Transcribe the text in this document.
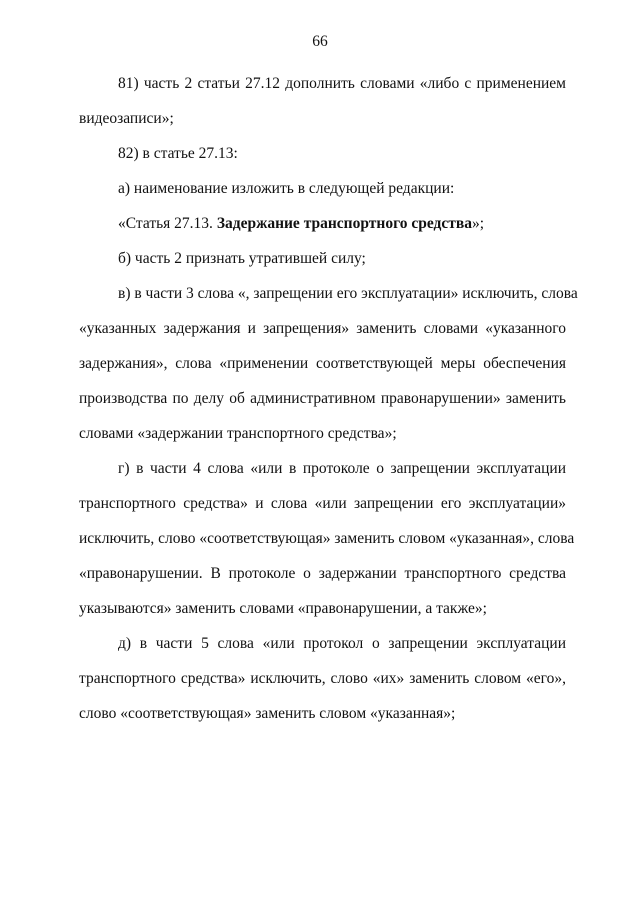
66
81) часть 2 статьи 27.12 дополнить словами «либо с применением
видеозаписи»;
82) в статье 27.13:
а) наименование изложить в следующей редакции:
«Статья 27.13. Задержание транспортного средства»;
б) часть 2 признать утратившей силу;
в) в части 3 слова «, запрещении его эксплуатации» исключить, слова
«указанных задержания и запрещения» заменить словами «указанного
задержания», слова «применении соответствующей меры обеспечения
производства по делу об административном правонарушении» заменить
словами «задержании транспортного средства»;
г) в части 4 слова «или в протоколе о запрещении эксплуатации
транспортного средства» и слова «или запрещении его эксплуатации»
исключить, слово «соответствующая» заменить словом «указанная», слова
«правонарушении. В протоколе о задержании транспортного средства
указываются» заменить словами «правонарушении, а также»;
д) в части 5 слова «или протокол о запрещении эксплуатации
транспортного средства» исключить, слово «их» заменить словом «его»,
слово «соответствующая» заменить словом «указанная»;
